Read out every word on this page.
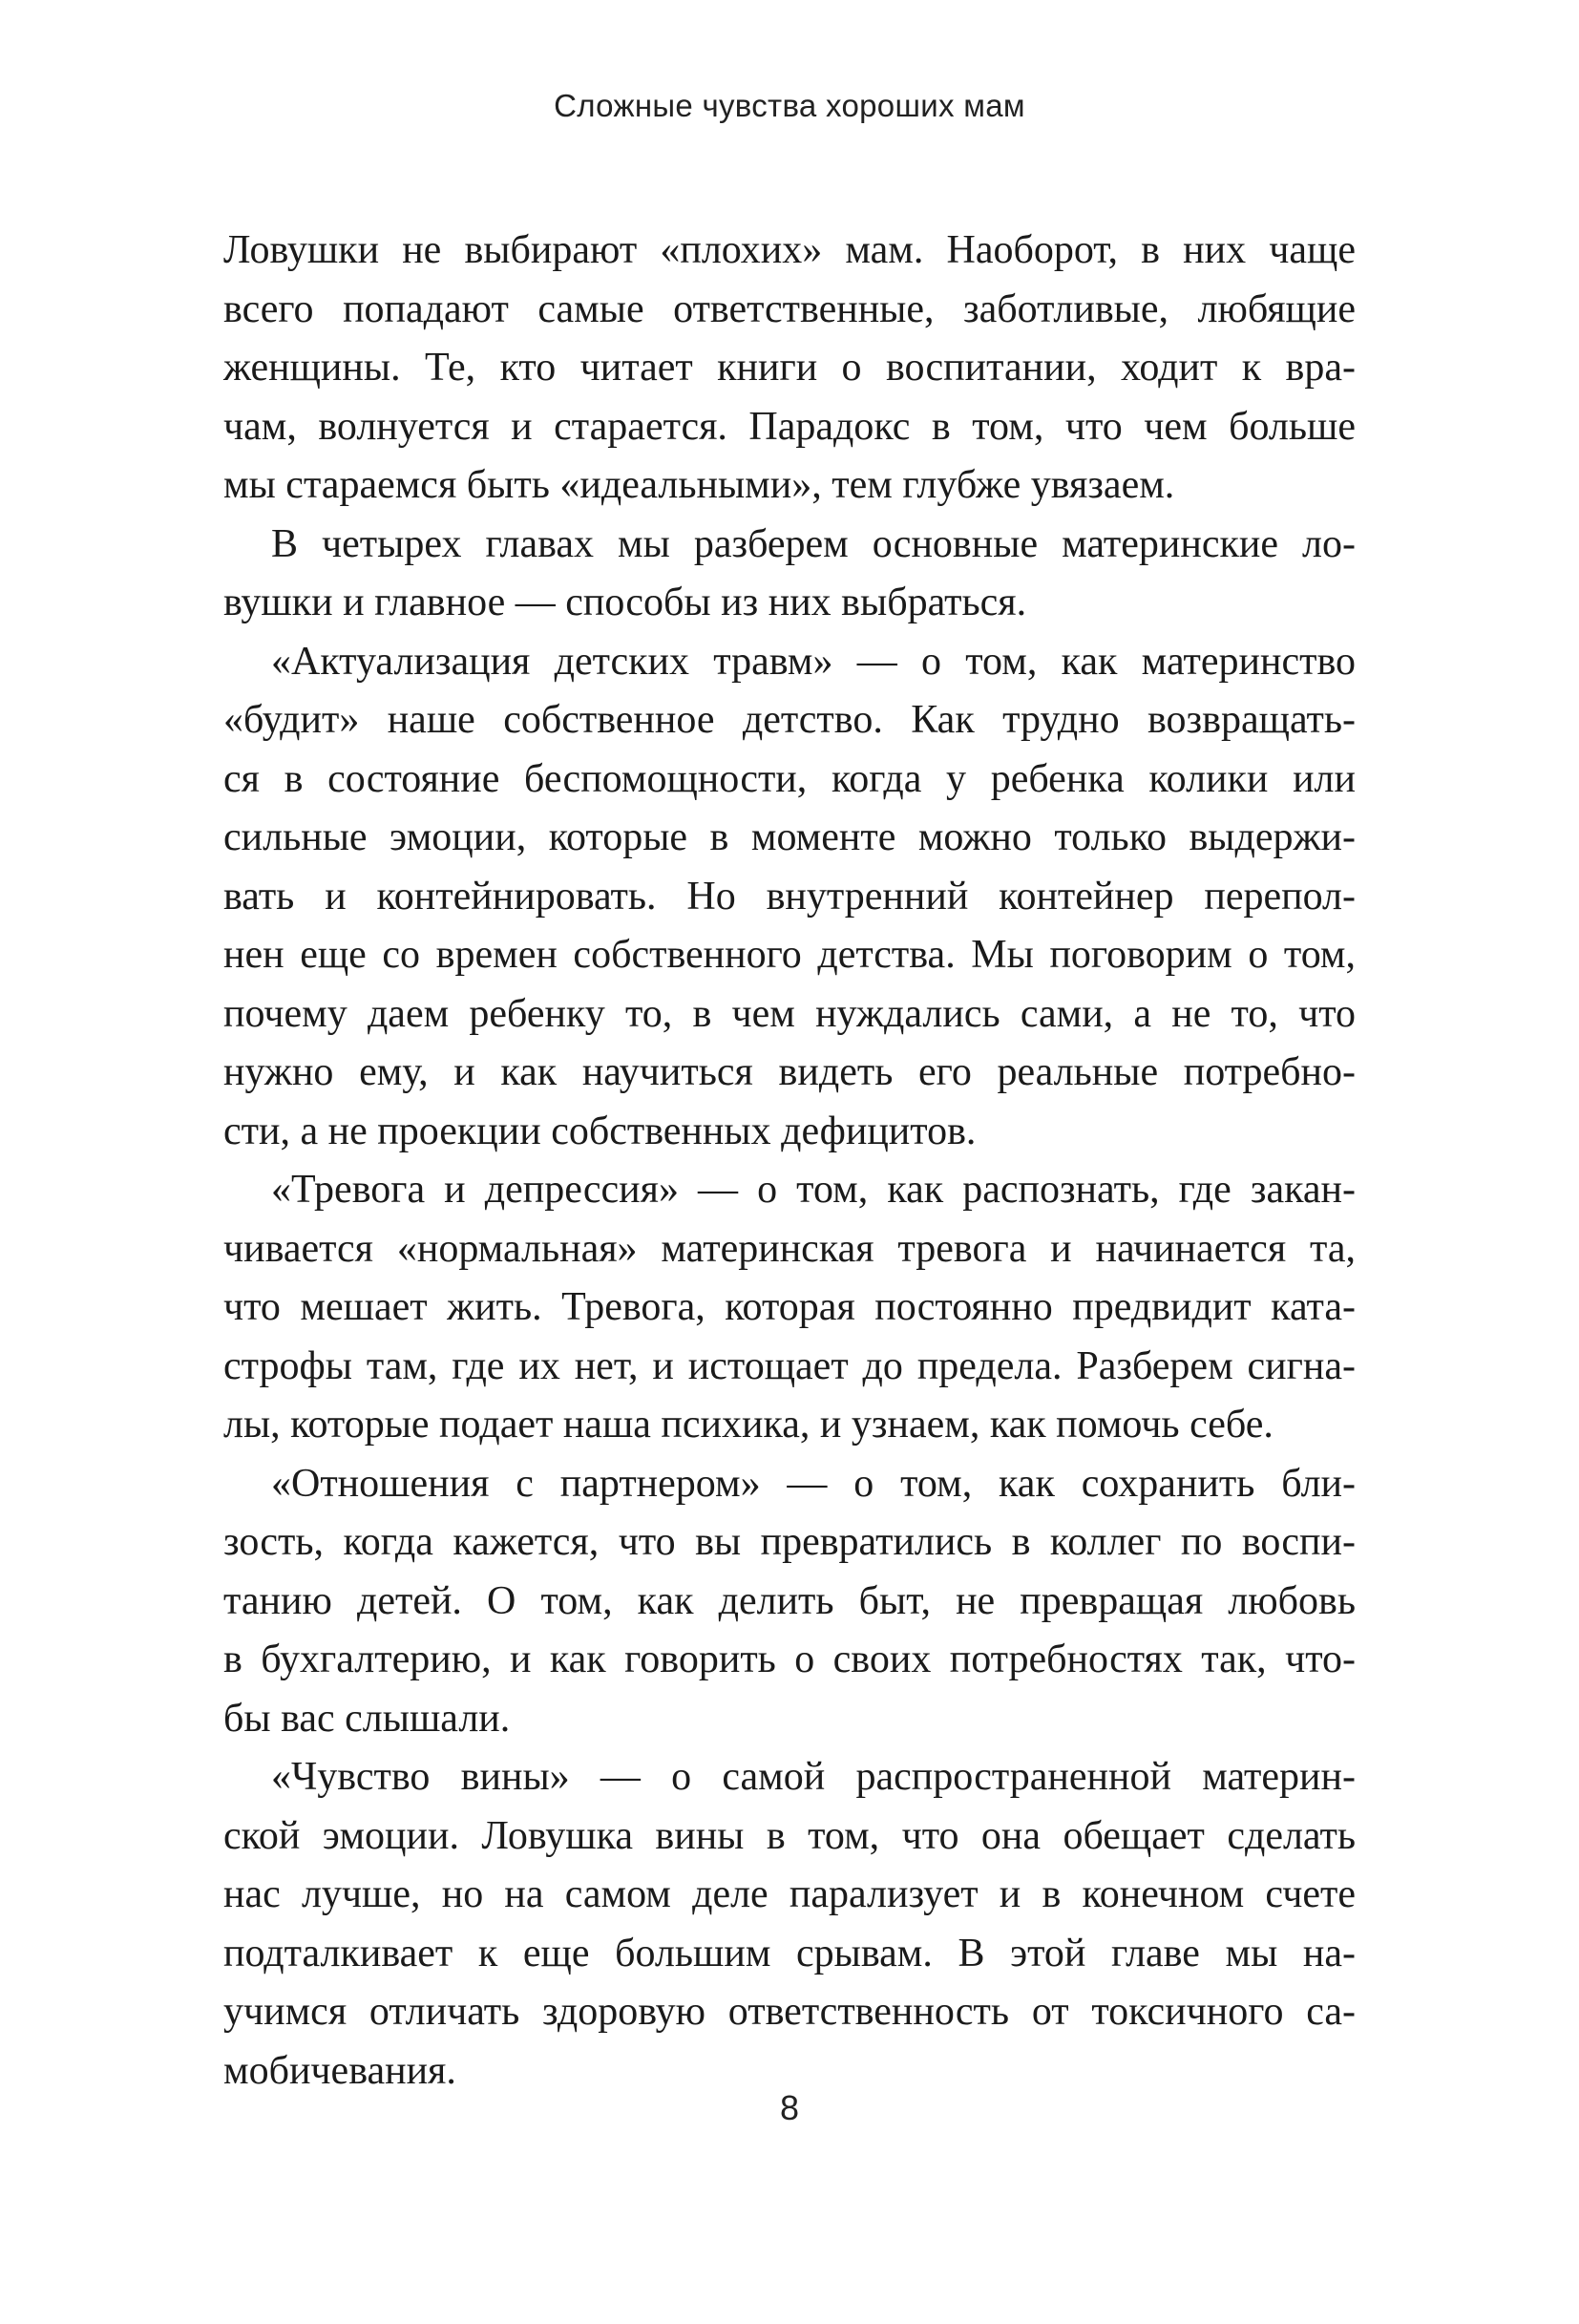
Сложные чувства хороших мам
Ловушки не выбирают «плохих» мам. Наоборот, в них чаще
всего попадают самые ответственные, заботливые, любящие
женщины. Те, кто читает книги о воспитании, ходит к вра-
чам, волнуется и старается. Парадокс в том, что чем больше
мы стараемся быть «идеальными», тем глубже увязаем.
В четырех главах мы разберем основные материнские ло-
вушки и главное — способы из них выбраться.
«Актуализация детских травм» — о том, как материнство
«будит» наше собственное детство. Как трудно возвращать-
ся в состояние беспомощности, когда у ребенка колики или
сильные эмоции, которые в моменте можно только выдержи-
вать и контейнировать. Но внутренний контейнер перепол-
нен еще со времен собственного детства. Мы поговорим о том,
почему даем ребенку то, в чем нуждались сами, а не то, что
нужно ему, и как научиться видеть его реальные потребно-
сти, а не проекции собственных дефицитов.
«Тревога и депрессия» — о том, как распознать, где закан-
чивается «нормальная» материнская тревога и начинается та,
что мешает жить. Тревога, которая постоянно предвидит ката-
строфы там, где их нет, и истощает до предела. Разберем сигна-
лы, которые подает наша психика, и узнаем, как помочь себе.
«Отношения с партнером» — о том, как сохранить бли-
зость, когда кажется, что вы превратились в коллег по воспи-
танию детей. О том, как делить быт, не превращая любовь
в бухгалтерию, и как говорить о своих потребностях так, что-
бы вас слышали.
«Чувство вины» — о самой распространенной материн-
ской эмоции. Ловушка вины в том, что она обещает сделать
нас лучше, но на самом деле парализует и в конечном счете
подталкивает к еще большим срывам. В этой главе мы на-
учимся отличать здоровую ответственность от токсичного са-
мобичевания.
8
